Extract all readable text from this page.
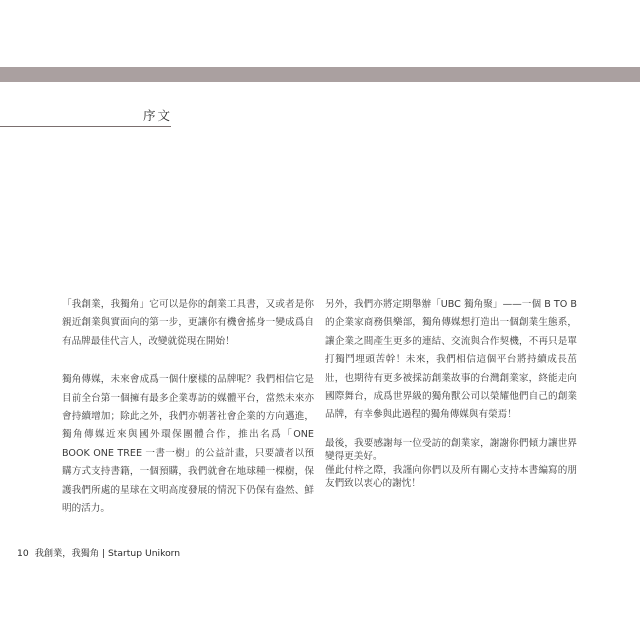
序文

「我創業，我獨角」它可以是你的創業工具書，又或者是你親近創業與實面向的第一步，更讓你有機會搖身一變成爲自有品牌最佳代言人，改變就從現在開始！

獨角傳媒，未來會成爲一個什麼樣的品牌呢？我們相信它是目前全台第一個擁有最多企業專訪的媒體平台，當然未來亦會持續增加；除此之外，我們亦朝著社會企業的方向邁進，獨角傳媒近來與國外環保團體合作，推出名爲「ONE BOOK ONE TREE 一書一樹」的公益計畫，只要讀者以預購方式支持書籍，一個預購，我們就會在地球種一棵樹，保護我們所處的星球在文明高度發展的情況下仍保有盎然、鮮明的活力。

另外，我們亦將定期舉辦「UBC 獨角聚」——一個 B TO B 的企業家商務俱樂部，獨角傳媒想打造出一個創業生態系，讓企業之間產生更多的連結、交流與合作契機，不再只是單打獨鬥埋頭苦幹！未來，我們相信這個平台將持續成長茁壯，也期待有更多被採訪創業故事的台灣創業家，終能走向國際舞台，成爲世界級的獨角獸公司以榮耀他們自己的創業品牌，有幸參與此過程的獨角傳媒與有榮焉！

最後，我要感謝每一位受訪的創業家，謝謝你們傾力讓世界變得更美好。

僅此付梓之際，我謹向你們以及所有關心支持本書編寫的朋友們致以衷心的謝忱！

10 我創業，我獨角 | Startup Unikorn
